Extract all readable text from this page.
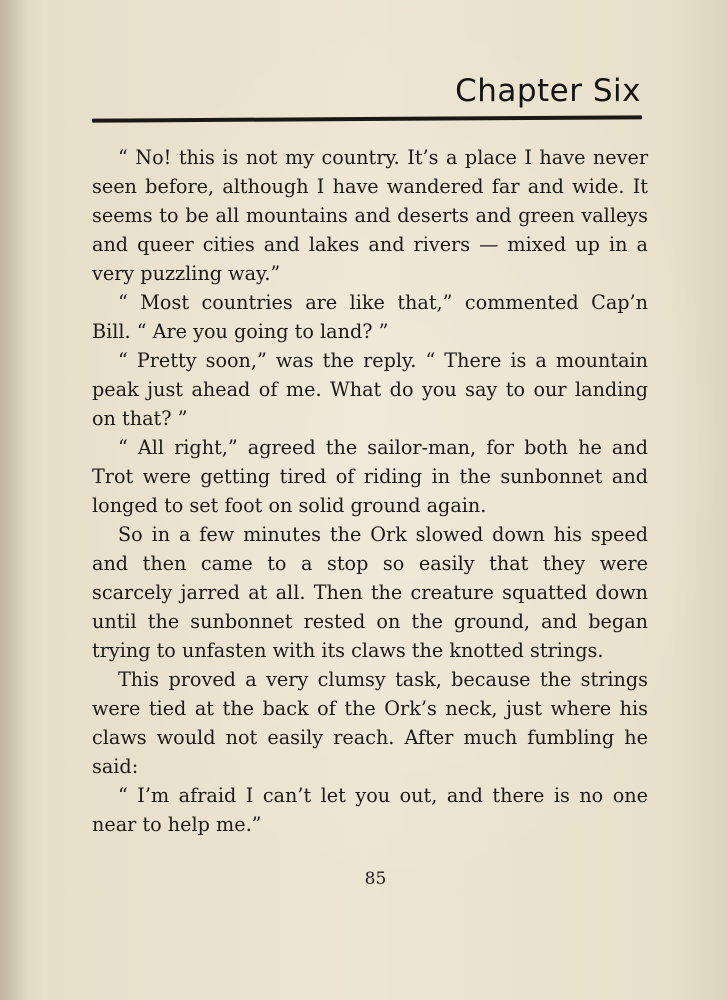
Chapter Six

“ No! this is not my country. It’s a place I have never seen before, although I have wandered far and wide. It seems to be all mountains and deserts and green valleys and queer cities and lakes and rivers — mixed up in a very puzzling way.”

“ Most countries are like that,” commented Cap’n Bill. “ Are you going to land? ”

“ Pretty soon,” was the reply. “ There is a mountain peak just ahead of me. What do you say to our landing on that? ”

“ All right,” agreed the sailor-man, for both he and Trot were getting tired of riding in the sunbonnet and longed to set foot on solid ground again.

So in a few minutes the Ork slowed down his speed and then came to a stop so easily that they were scarcely jarred at all. Then the creature squatted down until the sunbonnet rested on the ground, and began trying to unfasten with its claws the knotted strings.

This proved a very clumsy task, because the strings were tied at the back of the Ork’s neck, just where his claws would not easily reach. After much fumbling he said:

“ I’m afraid I can’t let you out, and there is no one near to help me.”

85
